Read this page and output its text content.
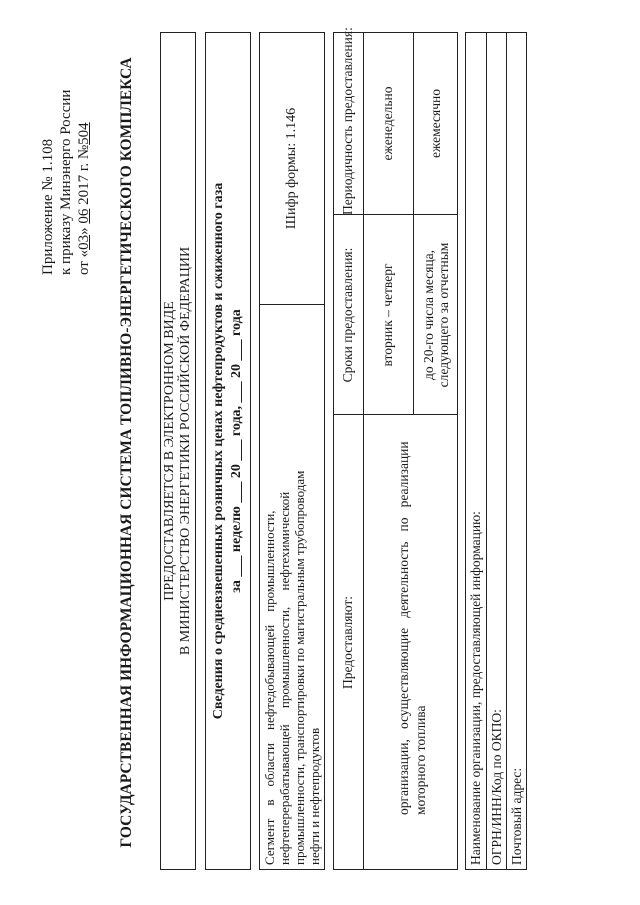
Приложение № 1.108 к приказу Минэнерго России от «03» 06 2017 г. №504 ГОСУДАРСТВЕННАЯ ИНФОРМАЦИОННАЯ СИСТЕМА ТОПЛИВНО-ЭНЕРГЕТИЧЕСКОГО КОМПЛЕКСА ПРЕДОСТАВЛЯЕТСЯ В ЭЛЕКТРОННОМ ВИДЕ В МИНИСТЕРСТВО ЭНЕРГЕТИКИ РОССИЙСКОЙ ФЕДЕРАЦИИ Сведения о средневзвешенных розничных ценах нефтепродуктов и сжиженного газа за ___ неделю ___ 20 ___ года, ___ 20 ___ года
Сегмент    в    области    нефтедобывающей    промышленности, нефтеперерабатывающей     промышленности,     нефтехимической промышленности, транспортировки по магистральным трубопроводам нефти и нефтепродуктов
Шифр формы: 1.146
Предоставляют:
Сроки предоставления:
Периодичность предоставления:
организации,   осуществляющие   деятельность   по   реализации моторного топлива
вторник – четверг
еженедельно
до 20-го числа месяца, следующего за отчетным
ежемесячно
Наименование организации, предоставляющей информацию: ОГРН/ИНН/Код по ОКПО: Почтовый адрес:
